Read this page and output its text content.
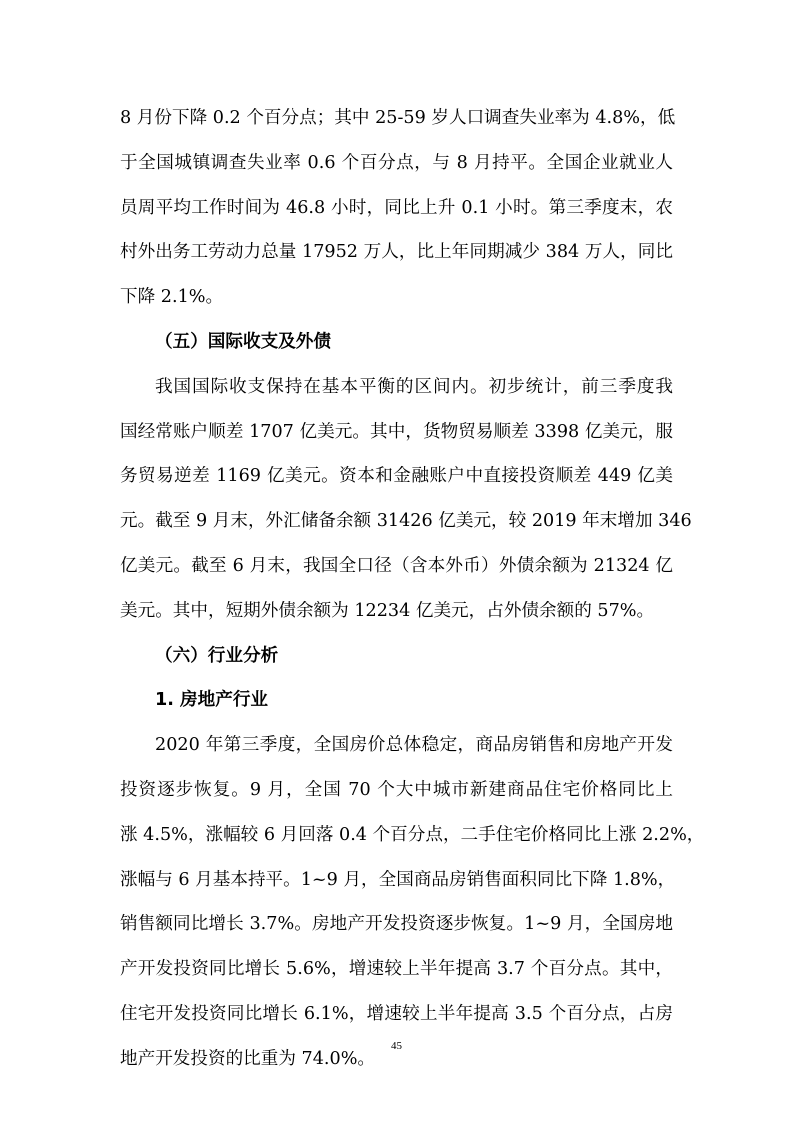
8 月份下降 0.2 个百分点；其中 25-59 岁人口调查失业率为 4.8%，低
于全国城镇调查失业率 0.6 个百分点，与 8 月持平。全国企业就业人
员周平均工作时间为 46.8 小时，同比上升 0.1 小时。第三季度末，农
村外出务工劳动力总量 17952 万人，比上年同期减少 384 万人，同比
下降 2.1%。
（五）国际收支及外债
我国国际收支保持在基本平衡的区间内。初步统计，前三季度我
国经常账户顺差 1707 亿美元。其中，货物贸易顺差 3398 亿美元，服
务贸易逆差 1169 亿美元。资本和金融账户中直接投资顺差 449 亿美
元。截至 9 月末，外汇储备余额 31426 亿美元，较 2019 年末增加 346
亿美元。截至 6 月末，我国全口径（含本外币）外债余额为 21324 亿
美元。其中，短期外债余额为 12234 亿美元，占外债余额的 57%。
（六）行业分析
1. 房地产行业
2020 年第三季度，全国房价总体稳定，商品房销售和房地产开发
投资逐步恢复。9 月，全国 70 个大中城市新建商品住宅价格同比上
涨 4.5%，涨幅较 6 月回落 0.4 个百分点，二手住宅价格同比上涨 2.2%，
涨幅与 6 月基本持平。1~9 月，全国商品房销售面积同比下降 1.8%，
销售额同比增长 3.7%。房地产开发投资逐步恢复。1~9 月，全国房地
产开发投资同比增长 5.6%，增速较上半年提高 3.7 个百分点。其中，
住宅开发投资同比增长 6.1%，增速较上半年提高 3.5 个百分点，占房
地产开发投资的比重为 74.0%。
45
